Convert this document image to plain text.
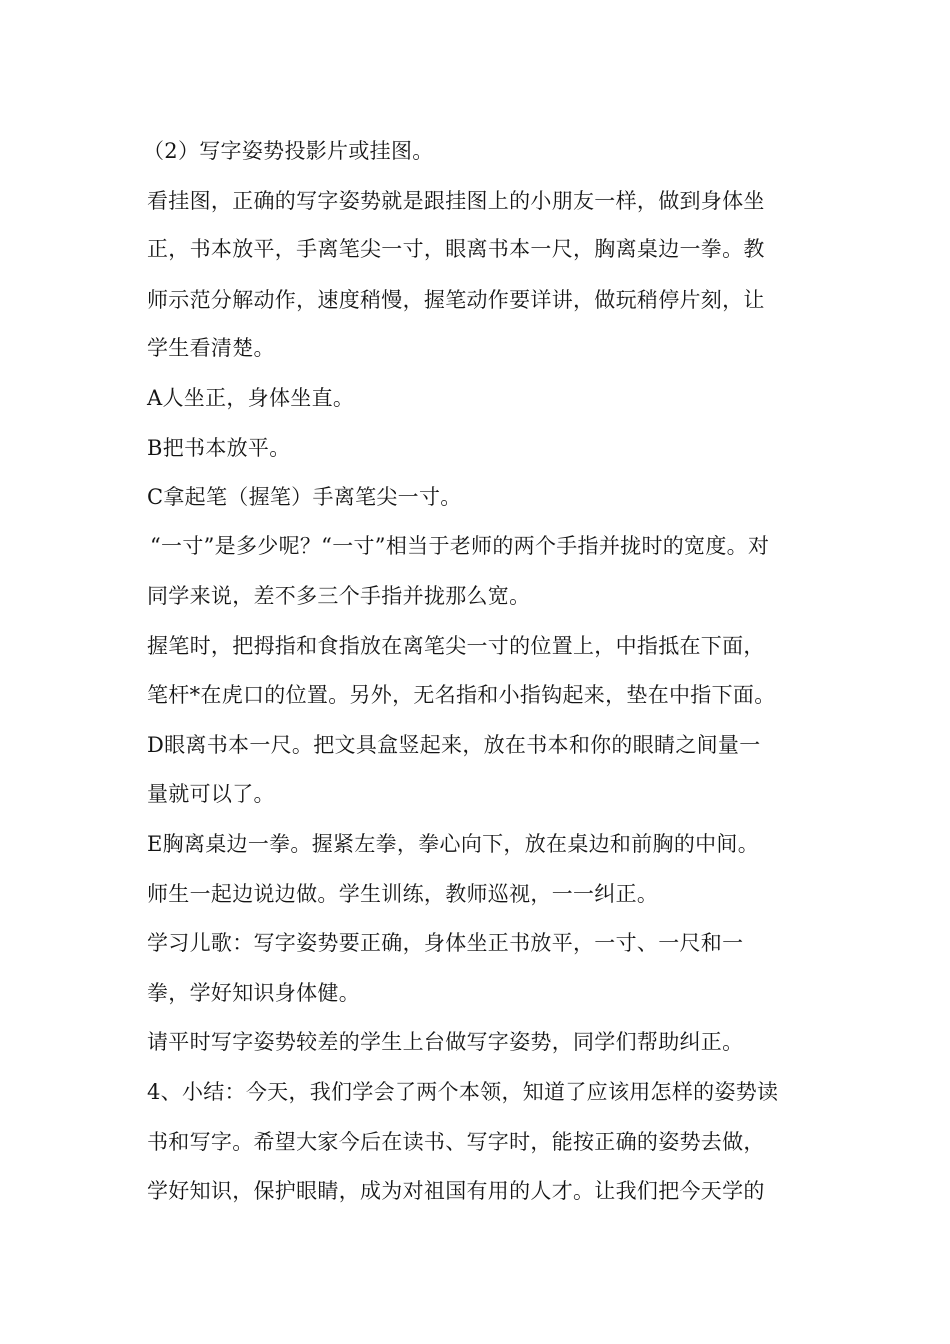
（2）写字姿势投影片或挂图。
看挂图，正确的写字姿势就是跟挂图上的小朋友一样，做到身体坐
正，书本放平，手离笔尖一寸，眼离书本一尺，胸离桌边一拳。教
师示范分解动作，速度稍慢，握笔动作要详讲，做玩稍停片刻，让
学生看清楚。
A人坐正，身体坐直。
B把书本放平。
C拿起笔（握笔）手离笔尖一寸。
“一寸”是多少呢？“一寸”相当于老师的两个手指并拢时的宽度。对
同学来说，差不多三个手指并拢那么宽。
握笔时，把拇指和食指放在离笔尖一寸的位置上，中指抵在下面，
笔杆*在虎口的位置。另外，无名指和小指钩起来，垫在中指下面。
D眼离书本一尺。把文具盒竖起来，放在书本和你的眼睛之间量一
量就可以了。
E胸离桌边一拳。握紧左拳，拳心向下，放在桌边和前胸的中间。
师生一起边说边做。学生训练，教师巡视，一一纠正。
学习儿歌：写字姿势要正确，身体坐正书放平，一寸、一尺和一
拳，学好知识身体健。
请平时写字姿势较差的学生上台做写字姿势，同学们帮助纠正。
4、小结：今天，我们学会了两个本领，知道了应该用怎样的姿势读
书和写字。希望大家今后在读书、写字时，能按正确的姿势去做，
学好知识，保护眼睛，成为对祖国有用的人才。让我们把今天学的
